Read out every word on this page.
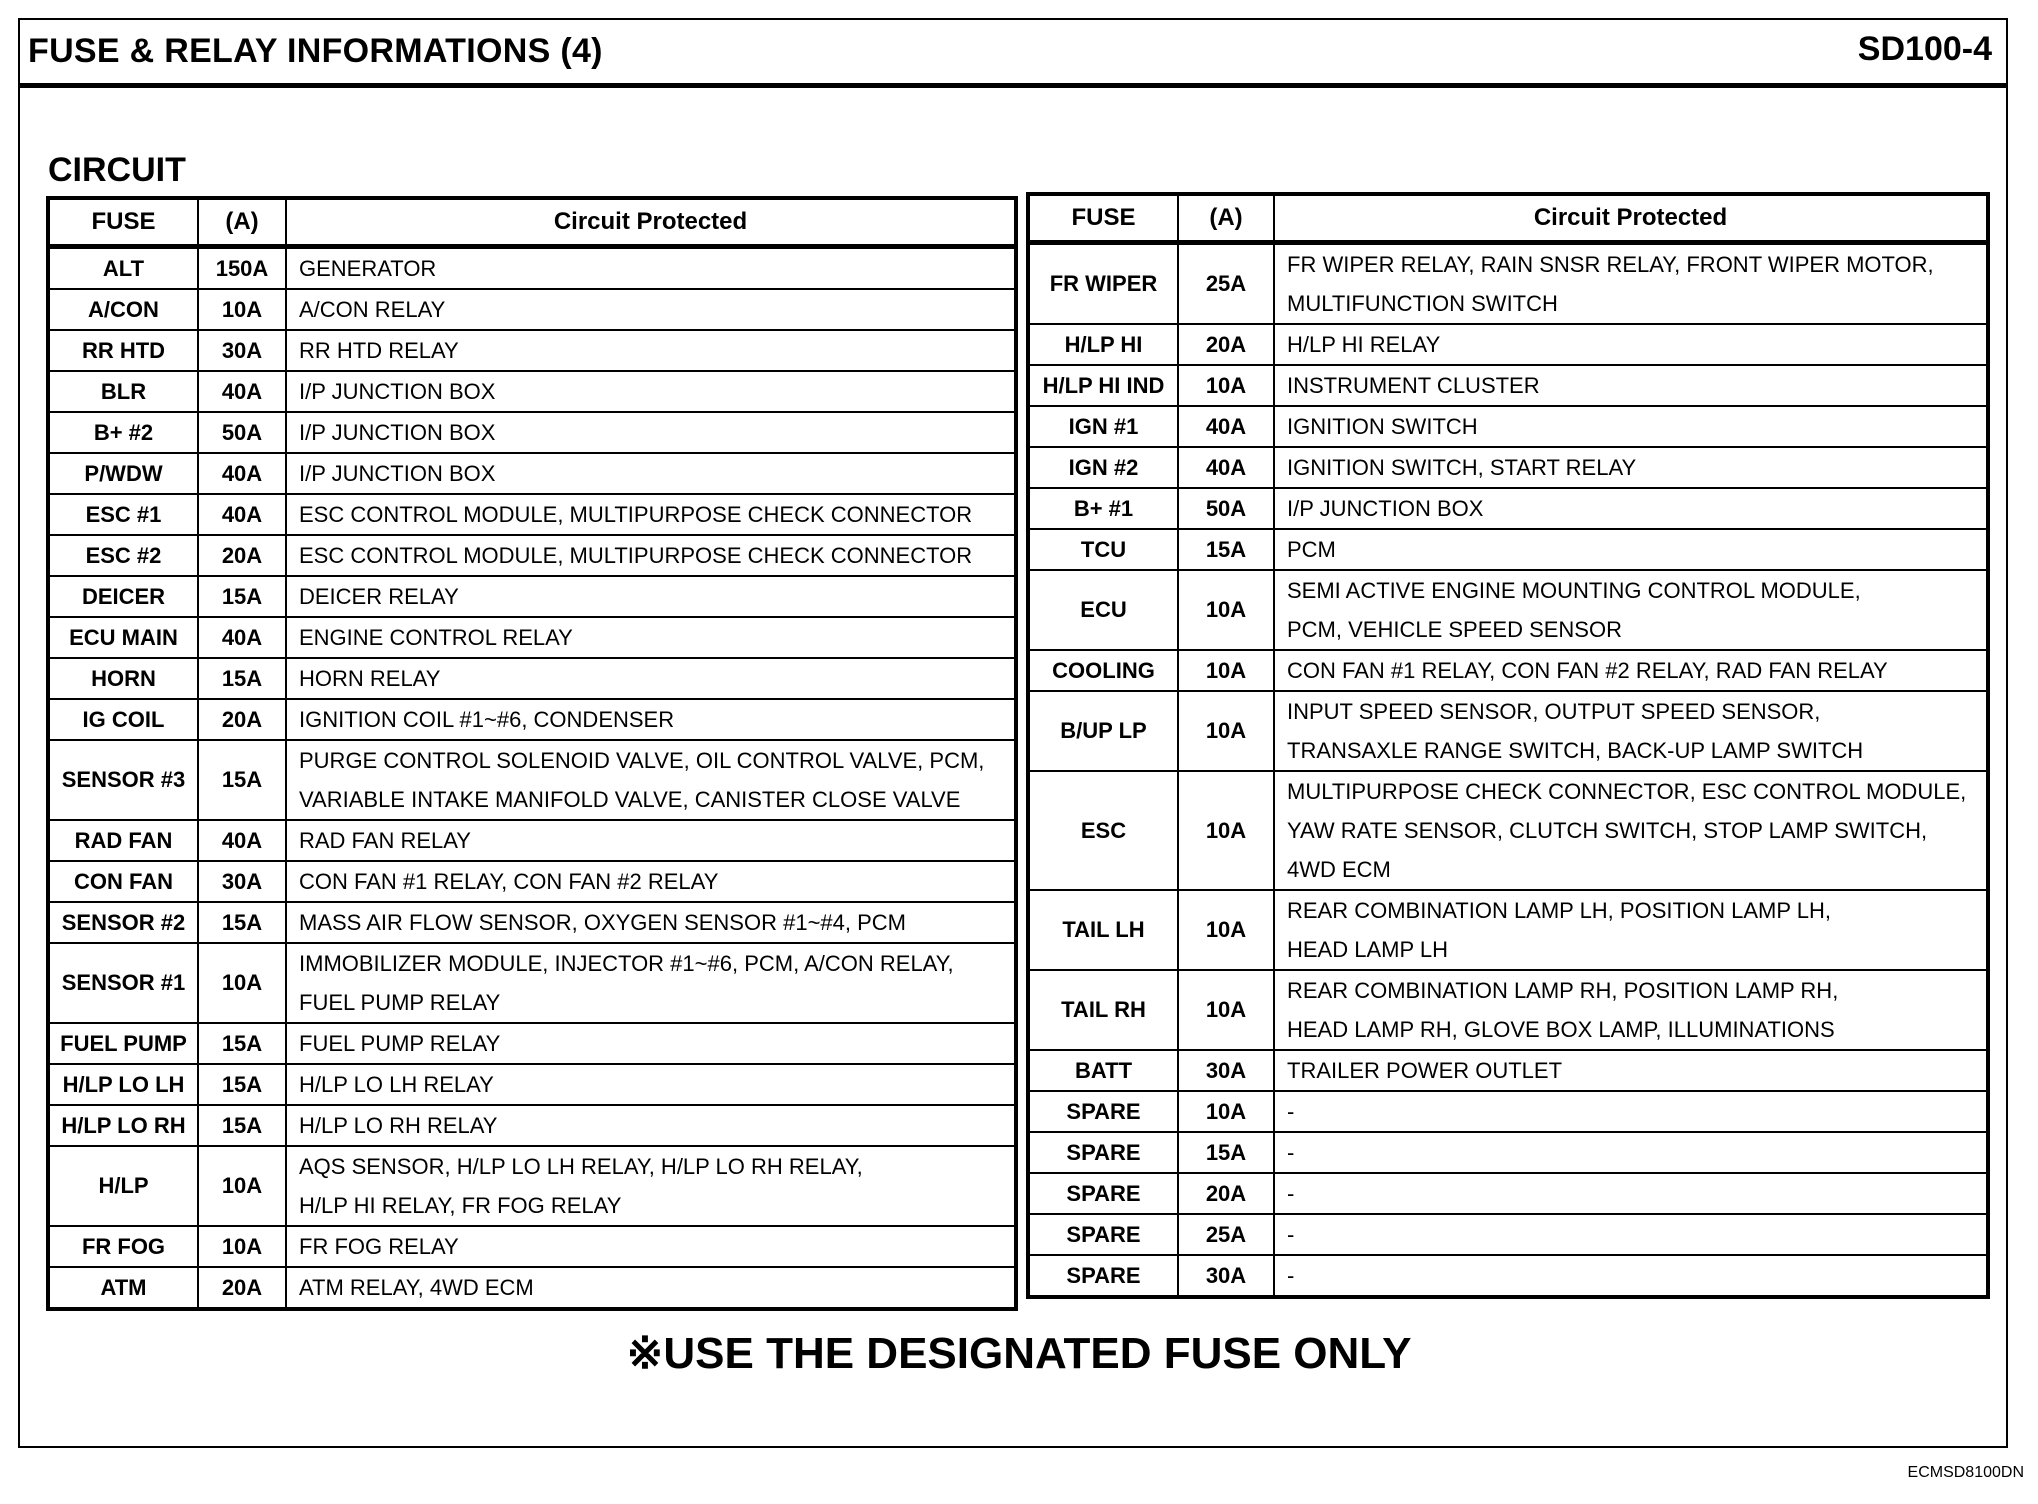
FUSE & RELAY INFORMATIONS (4)	SD100-4
CIRCUIT
FUSE	(A)	Circuit Protected
ALT	150A	GENERATOR

A/CON	10A	A/CON RELAY

RR HTD	30A	RR HTD RELAY

BLR	40A	I/P JUNCTION BOX

B+ #2	50A	I/P JUNCTION BOX

P/WDW	40A	I/P JUNCTION BOX

ESC #1	40A	ESC CONTROL MODULE, MULTIPURPOSE CHECK CONNECTOR

ESC #2	20A	ESC CONTROL MODULE, MULTIPURPOSE CHECK CONNECTOR

DEICER	15A	DEICER RELAY

ECU MAIN	40A	ENGINE CONTROL RELAY

HORN	15A	HORN RELAY

IG COIL	20A	IGNITION COIL #1~#6, CONDENSER

SENSOR #3	15A	PURGE CONTROL SOLENOID VALVE, OIL CONTROL VALVE, PCM,
VARIABLE INTAKE MANIFOLD VALVE, CANISTER CLOSE VALVE

RAD FAN	40A	RAD FAN RELAY

CON FAN	30A	CON FAN #1 RELAY, CON FAN #2 RELAY

SENSOR #2	15A	MASS AIR FLOW SENSOR, OXYGEN SENSOR #1~#4, PCM

SENSOR #1	10A	IMMOBILIZER MODULE, INJECTOR #1~#6, PCM, A/CON RELAY,
FUEL PUMP RELAY

FUEL PUMP	15A	FUEL PUMP RELAY

H/LP LO LH	15A	H/LP LO LH RELAY

H/LP LO RH	15A	H/LP LO RH RELAY

H/LP	10A	AQS SENSOR, H/LP LO LH RELAY, H/LP LO RH RELAY,
H/LP HI RELAY, FR FOG RELAY

FR FOG	10A	FR FOG RELAY

ATM	20A	ATM RELAY, 4WD ECM
FUSE	(A)	Circuit Protected
FR WIPER	25A	FR WIPER RELAY, RAIN SNSR RELAY, FRONT WIPER MOTOR,
MULTIFUNCTION SWITCH

H/LP HI	20A	H/LP HI RELAY

H/LP HI IND	10A	INSTRUMENT CLUSTER

IGN #1	40A	IGNITION SWITCH

IGN #2	40A	IGNITION SWITCH, START RELAY

B+ #1	50A	I/P JUNCTION BOX

TCU	15A	PCM

ECU	10A	SEMI ACTIVE ENGINE MOUNTING CONTROL MODULE,
PCM, VEHICLE SPEED SENSOR

COOLING	10A	CON FAN #1 RELAY, CON FAN #2 RELAY, RAD FAN RELAY

B/UP LP	10A	INPUT SPEED SENSOR, OUTPUT SPEED SENSOR,
TRANSAXLE RANGE SWITCH, BACK-UP LAMP SWITCH

ESC	10A	MULTIPURPOSE CHECK CONNECTOR, ESC CONTROL MODULE,
YAW RATE SENSOR, CLUTCH SWITCH, STOP LAMP SWITCH,
4WD ECM

TAIL LH	10A	REAR COMBINATION LAMP LH, POSITION LAMP LH,
HEAD LAMP LH

TAIL RH	10A	REAR COMBINATION LAMP RH, POSITION LAMP RH,
HEAD LAMP RH, GLOVE BOX LAMP, ILLUMINATIONS

BATT	30A	TRAILER POWER OUTLET

SPARE	10A	-

SPARE	15A	-

SPARE	20A	-

SPARE	25A	-

SPARE	30A	-
※USE THE DESIGNATED FUSE ONLY
ECMSD8100DN
